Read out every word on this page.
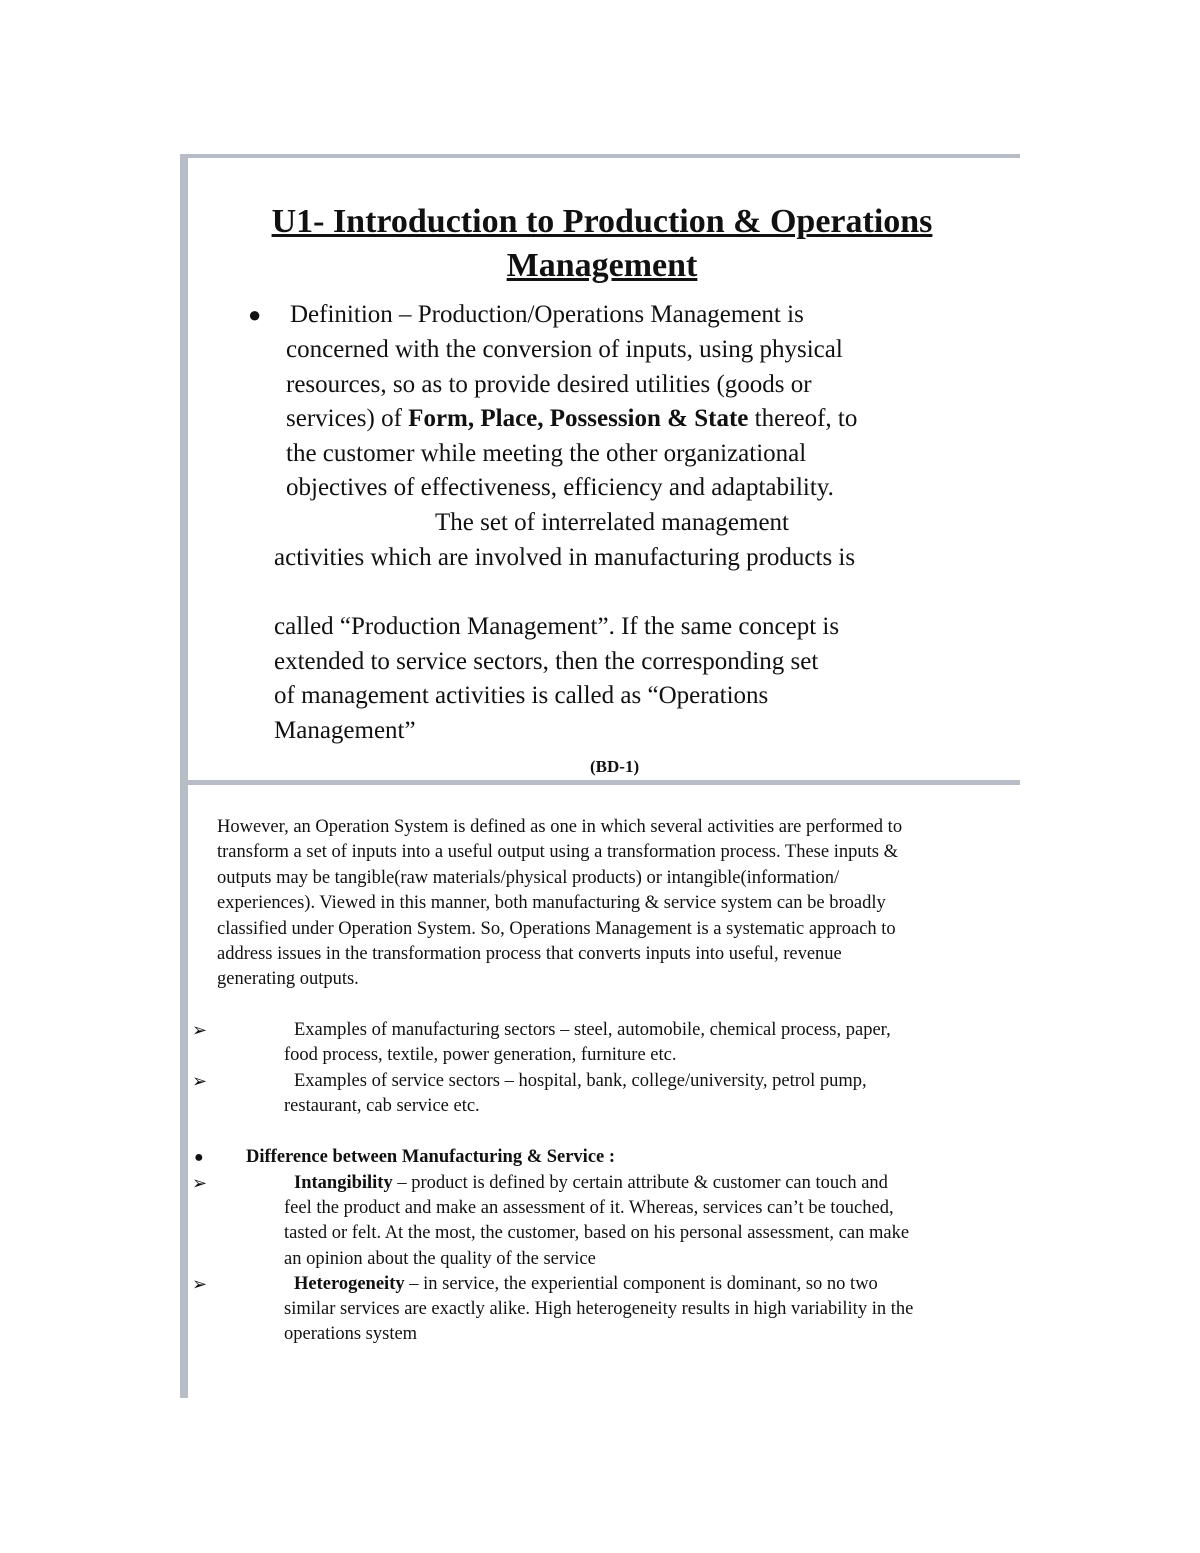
U1- Introduction to Production & Operations
Management
● Definition – Production/Operations Management is
concerned with the conversion of inputs, using physical
resources, so as to provide desired utilities (goods or
services) of Form, Place, Possession & State thereof, to
the customer while meeting the other organizational
objectives of effectiveness, efficiency and adaptability.
The set of interrelated management
activities which are involved in manufacturing products is
called “Production Management”. If the same concept is
extended to service sectors, then the corresponding set
of management activities is called as “Operations
Management”
(BD-1)
However, an Operation System is defined as one in which several activities are performed to
transform a set of inputs into a useful output using a transformation process. These inputs &
outputs may be tangible(raw materials/physical products) or intangible(information/
experiences). Viewed in this manner, both manufacturing & service system can be broadly
classified under Operation System. So, Operations Management is a systematic approach to
address issues in the transformation process that converts inputs into useful, revenue
generating outputs.
➢	Examples of manufacturing sectors – steel, automobile, chemical process, paper,
food process, textile, power generation, furniture etc.
➢	Examples of service sectors – hospital, bank, college/university, petrol pump,
restaurant, cab service etc.
● Difference between Manufacturing & Service :
➢	Intangibility – product is defined by certain attribute & customer can touch and
feel the product and make an assessment of it. Whereas, services can’t be touched,
tasted or felt. At the most, the customer, based on his personal assessment, can make
an opinion about the quality of the service
➢	Heterogeneity – in service, the experiential component is dominant, so no two
similar services are exactly alike. High heterogeneity results in high variability in the
operations system
